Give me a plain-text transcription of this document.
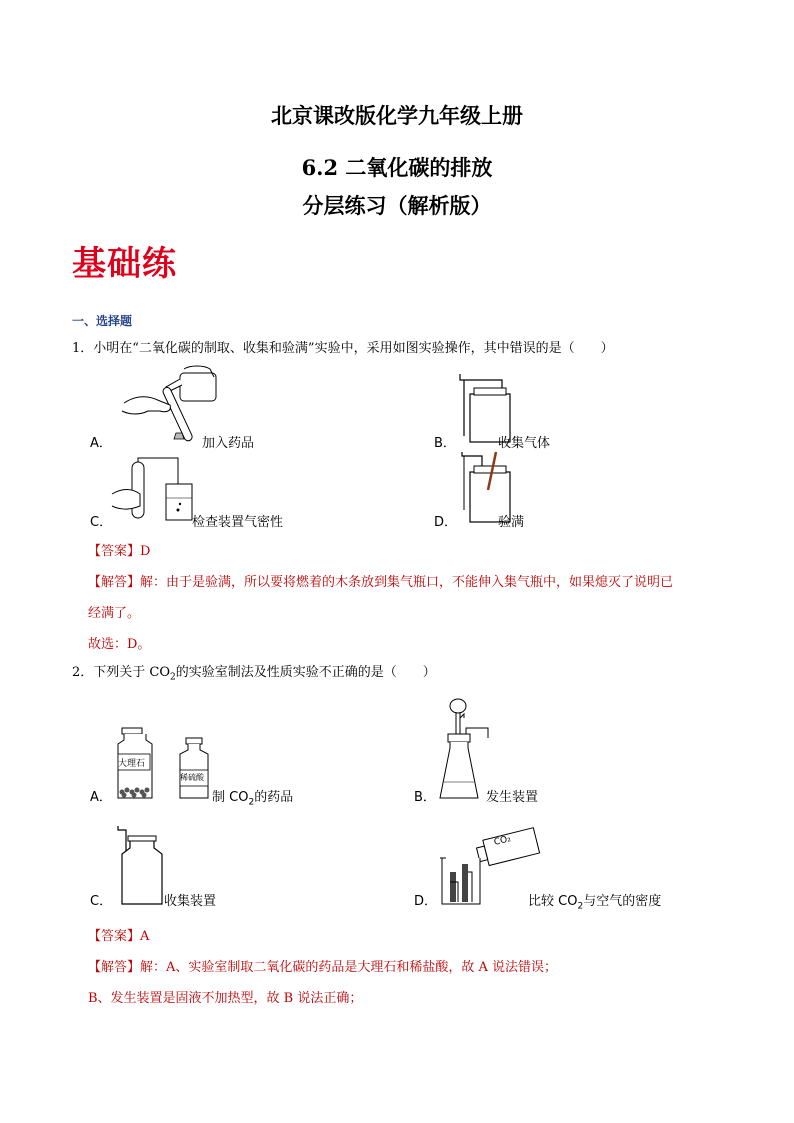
北京课改版化学九年级上册
6.2 二氧化碳的排放
分层练习（解析版）
基础练
一、选择题
1．小明在“二氧化碳的制取、收集和验满”实验中，采用如图实验操作，其中错误的是（　　）
A．	加入药品	B．	收集气体
C．	检查装置气密性	D．	验满
【答案】D
【解答】解：由于是验满，所以要将燃着的木条放到集气瓶口，不能伸入集气瓶中，如果熄灭了说明已
经满了。
故选：D。
2．下列关于 $CO_2$的实验室制法及性质实验不正确的是（　　）
大理石
稀硫酸
A．	制 $CO_2$的药品	B．	发生装置
C．	收集装置
CO₂
D．	比较 $CO_2$与空气的密度
【答案】A
【解答】解：A、实验室制取二氧化碳的药品是大理石和稀盐酸，故 A 说法错误；
B、发生装置是固液不加热型，故 B 说法正确；
